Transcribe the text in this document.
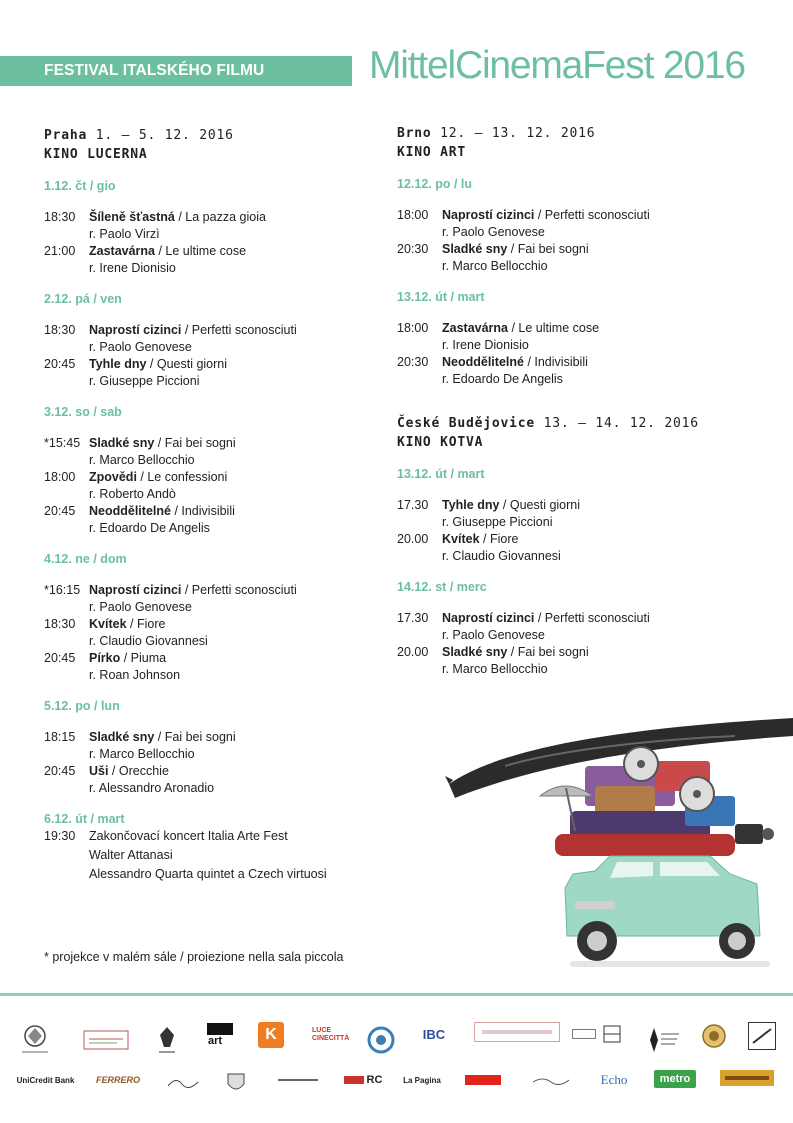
FESTIVAL ITALSKÉHO FILMU	MittelCinemaFest 2016
Praha 1. – 5. 12. 2016
KINO LUCERNA
1.12. čt / gio
18:30	Šíleně šťastná / La pazza gioia
r. Paolo Virzì
21:00	Zastavárna / Le ultime cose
r. Irene Dionisio
2.12. pá / ven
18:30	Naprostí cizinci / Perfetti sconosciuti
r. Paolo Genovese
20:45	Tyhle dny / Questi giorni
r. Giuseppe Piccioni
3.12. so / sab
*15:45 Sladké sny / Fai bei sogni
r. Marco Bellocchio
18:00	Zpovědi / Le confessioni
r. Roberto Andò
20:45	Neoddělitelné / Indivisibili
r. Edoardo De Angelis
4.12. ne / dom
*16:15 Naprostí cizinci / Perfetti sconosciuti
r. Paolo Genovese
18:30	Kvítek / Fiore
r. Claudio Giovannesi
20:45	Pírko / Piuma
r. Roan Johnson
5.12. po / lun
18:15	Sladké sny / Fai bei sogni
r. Marco Bellocchio
20:45	Uši / Orecchie
r. Alessandro Aronadio
6.12. út / mart
19:30	Zakončovací koncert Italia Arte Fest
Walter Attanasi
Alessandro Quarta quintet a Czech virtuosi
Brno 12. – 13. 12. 2016
KINO ART
12.12. po / lu
18:00	Naprostí cizinci / Perfetti sconosciuti
r. Paolo Genovese
20:30	Sladké sny / Fai bei sogni
r. Marco Bellocchio
13.12. út / mart
18:00	Zastavárna / Le ultime cose
r. Irene Dionisio
20:30	Neoddělitelné / Indivisibili
r. Edoardo De Angelis
České Budějovice 13. – 14. 12. 2016
KINO KOTVA
13.12. út / mart
17.30	Tyhle dny / Questi giorni
r. Giuseppe Piccioni
20.00	Kvítek / Fiore
r. Claudio Giovannesi
14.12. st / merc
17.30	Naprostí cizinci / Perfetti sconosciuti
r. Paolo Genovese
20.00	Sladké sny / Fai bei sogni
r. Marco Bellocchio
* projekce v malém sále / proiezione nella sala piccola
art	K	LUCE CINECITTÀ	IBC
UniCredit Bank FERRERO	RC	La Pagina	Echo	metro
